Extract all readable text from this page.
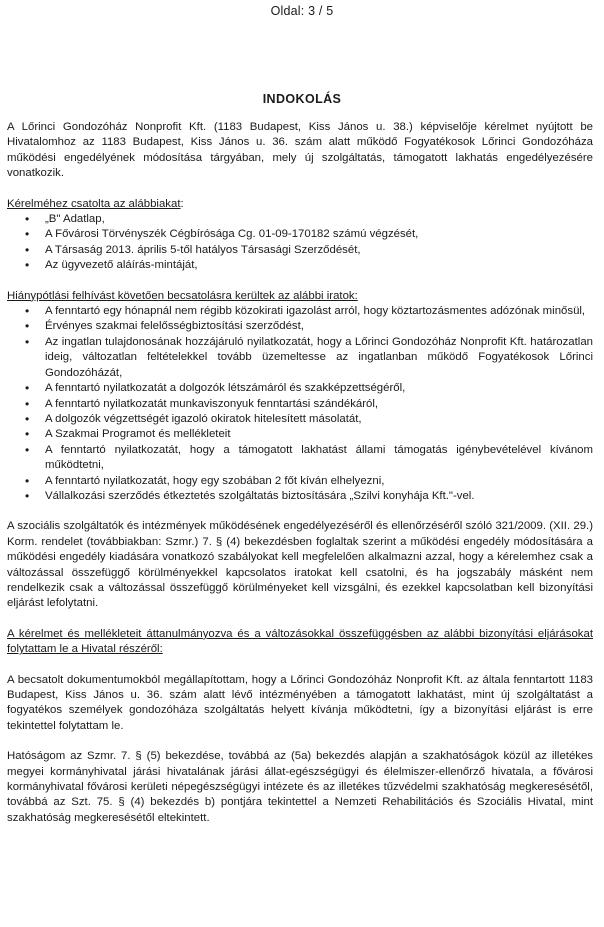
Oldal: 3 / 5
INDOKOLÁS

A Lőrinci Gondozóház Nonprofit Kft. (1183 Budapest, Kiss János u. 38.) képviselője kérelmet nyújtott be Hivatalomhoz az 1183 Budapest, Kiss János u. 36. szám alatt működő Fogyatékosok Lőrinci Gondozóháza működési engedélyének módosítása tárgyában, mely új szolgáltatás, támogatott lakhatás engedélyezésére vonatkozik.

Kérelméhez csatolta az alábbiakat:

• „B" Adatlap,
• A Fővárosi Törvényszék Cégbírósága Cg. 01-09-170182 számú végzését,
• A Társaság 2013. április 5-től hatályos Társasági Szerződését,
• Az ügyvezető aláírás-mintáját,

Hiánypótlási felhívást követően becsatolásra kerültek az alábbi iratok:

• A fenntartó egy hónapnál nem régibb közokirati igazolást arról, hogy köztartozásmentes adózónak minősül,
• Érvényes szakmai felelősségbiztosítási szerződést,
• Az ingatlan tulajdonosának hozzájáruló nyilatkozatát, hogy a Lőrinci Gondozóház Nonprofit Kft. határozatlan ideig, változatlan feltételekkel tovább üzemeltesse az ingatlanban működő Fogyatékosok Lőrinci Gondozóházát,
• A fenntartó nyilatkozatát a dolgozók létszámáról és szakképzettségéről,
• A fenntartó nyilatkozatát munkaviszonyuk fenntartási szándékáról,
• A dolgozók végzettségét igazoló okiratok hitelesített másolatát,
• A Szakmai Programot és mellékleteit
• A fenntartó nyilatkozatát, hogy a támogatott lakhatást állami támogatás igénybevételével kívánom működtetni,
• A fenntartó nyilatkozatát, hogy egy szobában 2 főt kíván elhelyezni,
• Vállalkozási szerződés étkeztetés szolgáltatás biztosítására „Szilvi konyhája Kft."-vel.

A szociális szolgáltatók és intézmények működésének engedélyezéséről és ellenőrzéséről szóló 321/2009. (XII. 29.) Korm. rendelet (továbbiakban: Szmr.) 7. § (4) bekezdésben foglaltak szerint a működési engedély módosítására a működési engedély kiadására vonatkozó szabályokat kell megfelelően alkalmazni azzal, hogy a kérelemhez csak a változással összefüggő körülményekkel kapcsolatos iratokat kell csatolni, és ha jogszabály másként nem rendelkezik csak a változással összefüggő körülményeket kell vizsgálni, és ezekkel kapcsolatban kell bizonyítási eljárást lefolytatni.

A kérelmet és mellékleteit áttanulmányozva és a változásokkal összefüggésben az alábbi bizonyítási eljárásokat folytattam le a Hivatal részéről:

A becsatolt dokumentumokból megállapítottam, hogy a Lőrinci Gondozóház Nonprofit Kft. az általa fenntartott 1183 Budapest, Kiss János u. 36. szám alatt lévő intézményében a támogatott lakhatást, mint új szolgáltatást a fogyatékos személyek gondozóháza szolgáltatás helyett kívánja működtetni, így a bizonyítási eljárást is erre tekintettel folytattam le.

Hatóságom az Szmr. 7. § (5) bekezdése, továbbá az (5a) bekezdés alapján a szakhatóságok közül az illetékes megyei kormányhivatal járási hivatalának járási állat-egészségügyi és élelmiszer-ellenőrző hivatala, a fővárosi kormányhivatal fővárosi kerületi népegészségügyi intézete és az illetékes tűzvédelmi szakhatóság megkeresésétől, továbbá az Szt. 75. § (4) bekezdés b) pontjára tekintettel a Nemzeti Rehabilitációs és Szociális Hivatal, mint szakhatóság megkeresésétől eltekintett.
